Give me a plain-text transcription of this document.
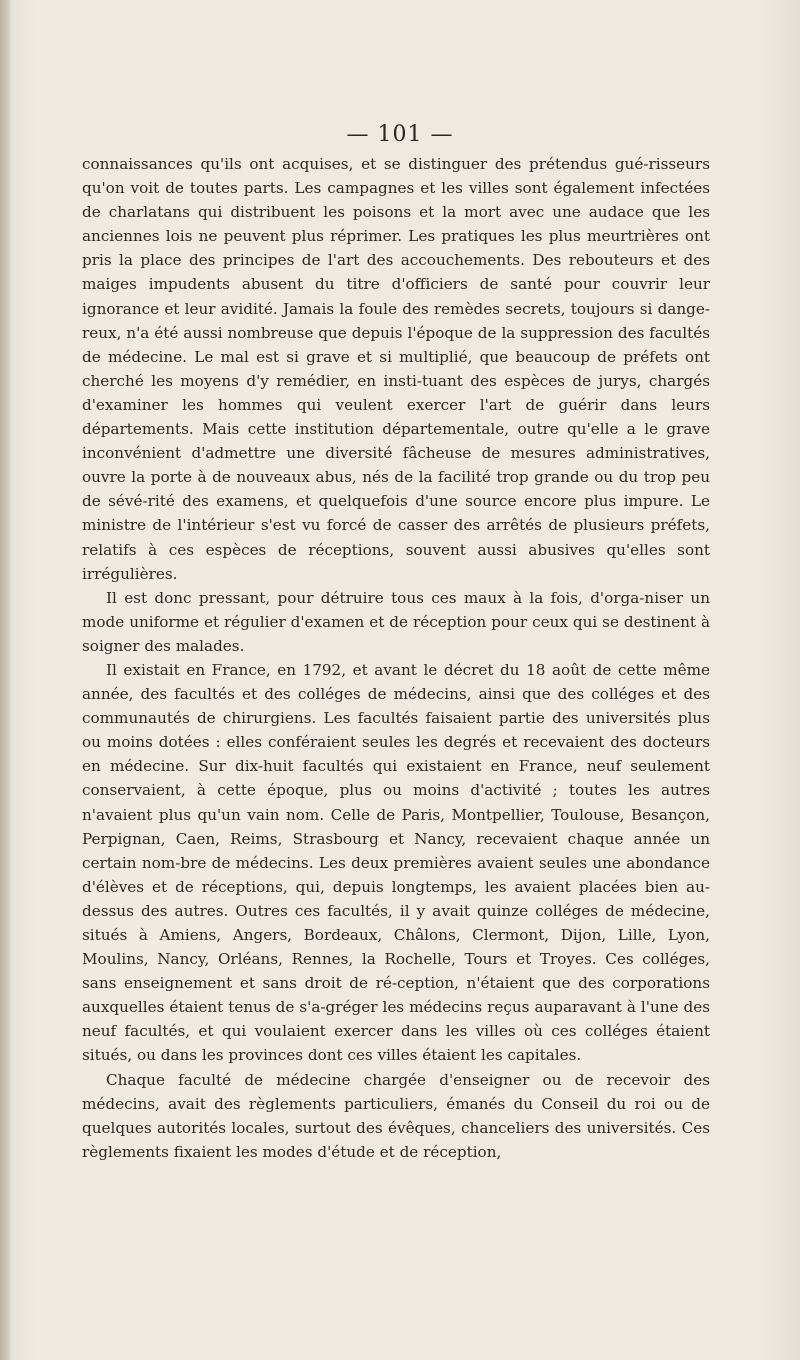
— 101 —

connaissances qu'ils ont acquises, et se distinguer des prétendus gué-risseurs qu'on voit de toutes parts. Les campagnes et les villes sont également infectées de charlatans qui distribuent les poisons et la mort avec une audace que les anciennes lois ne peuvent plus réprimer. Les pratiques les plus meurtrières ont pris la place des principes de l'art des accouchements. Des rebouteurs et des maiges impudents abusent du titre d'officiers de santé pour couvrir leur ignorance et leur avidité. Jamais la foule des remèdes secrets, toujours si dange-reux, n'a été aussi nombreuse que depuis l'époque de la suppression des facultés de médecine. Le mal est si grave et si multiplié, que beaucoup de préfets ont cherché les moyens d'y remédier, en insti-tuant des espèces de jurys, chargés d'examiner les hommes qui veulent exercer l'art de guérir dans leurs départements. Mais cette institution départementale, outre qu'elle a le grave inconvénient d'admettre une diversité fâcheuse de mesures administratives, ouvre la porte à de nouveaux abus, nés de la facilité trop grande ou du trop peu de sévé-rité des examens, et quelquefois d'une source encore plus impure. Le ministre de l'intérieur s'est vu forcé de casser des arrêtés de plusieurs préfets, relatifs à ces espèces de réceptions, souvent aussi abusives qu'elles sont irrégulières.

Il est donc pressant, pour détruire tous ces maux à la fois, d'orga-niser un mode uniforme et régulier d'examen et de réception pour ceux qui se destinent à soigner des malades.

Il existait en France, en 1792, et avant le décret du 18 août de cette même année, des facultés et des colléges de médecins, ainsi que des colléges et des communautés de chirurgiens. Les facultés faisaient partie des universités plus ou moins dotées : elles conféraient seules les degrés et recevaient des docteurs en médecine. Sur dix-huit facultés qui existaient en France, neuf seulement conservaient, à cette époque, plus ou moins d'activité ; toutes les autres n'avaient plus qu'un vain nom. Celle de Paris, Montpellier, Toulouse, Besançon, Perpignan, Caen, Reims, Strasbourg et Nancy, recevaient chaque année un certain nom-bre de médecins. Les deux premières avaient seules une abondance d'élèves et de réceptions, qui, depuis longtemps, les avaient placées bien au-dessus des autres. Outres ces facultés, il y avait quinze colléges de médecine, situés à Amiens, Angers, Bordeaux, Châlons, Clermont, Dijon, Lille, Lyon, Moulins, Nancy, Orléans, Rennes, la Rochelle, Tours et Troyes. Ces colléges, sans enseignement et sans droit de ré-ception, n'étaient que des corporations auxquelles étaient tenus de s'a-gréger les médecins reçus auparavant à l'une des neuf facultés, et qui voulaient exercer dans les villes où ces colléges étaient situés, ou dans les provinces dont ces villes étaient les capitales.

Chaque faculté de médecine chargée d'enseigner ou de recevoir des médecins, avait des règlements particuliers, émanés du Conseil du roi ou de quelques autorités locales, surtout des évêques, chanceliers des universités. Ces règlements fixaient les modes d'étude et de réception,
